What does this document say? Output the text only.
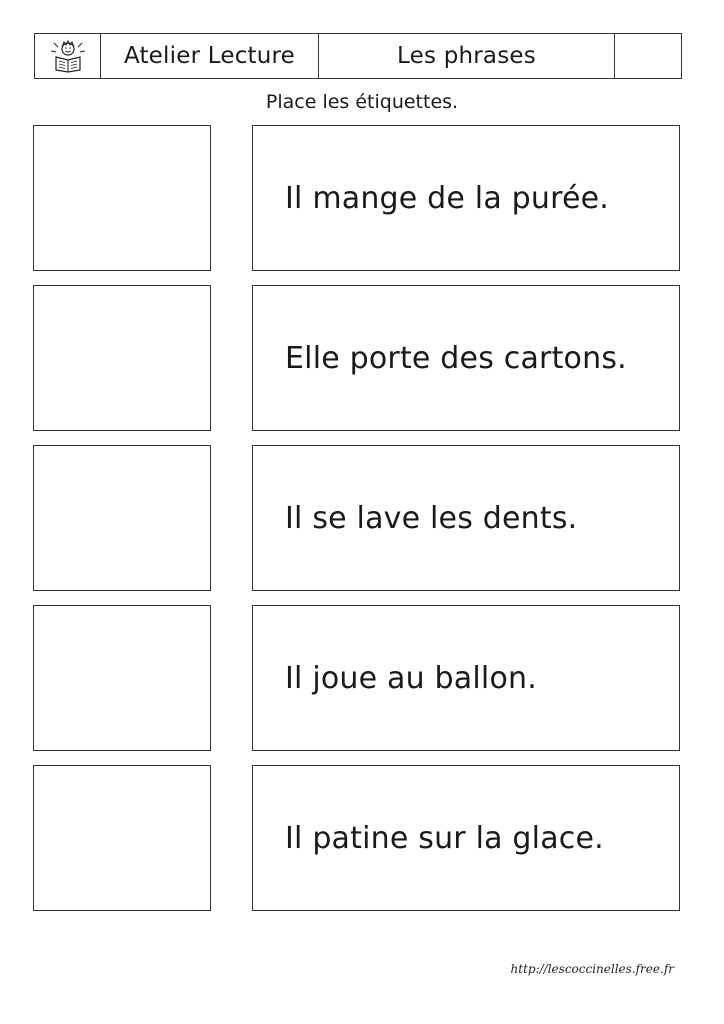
Atelier Lecture	Les phrases
Place les étiquettes.
Il mange de la purée.
Elle porte des cartons.
Il se lave les dents.
Il joue au ballon.
Il patine sur la glace.
http://lescoccinelles.free.fr
